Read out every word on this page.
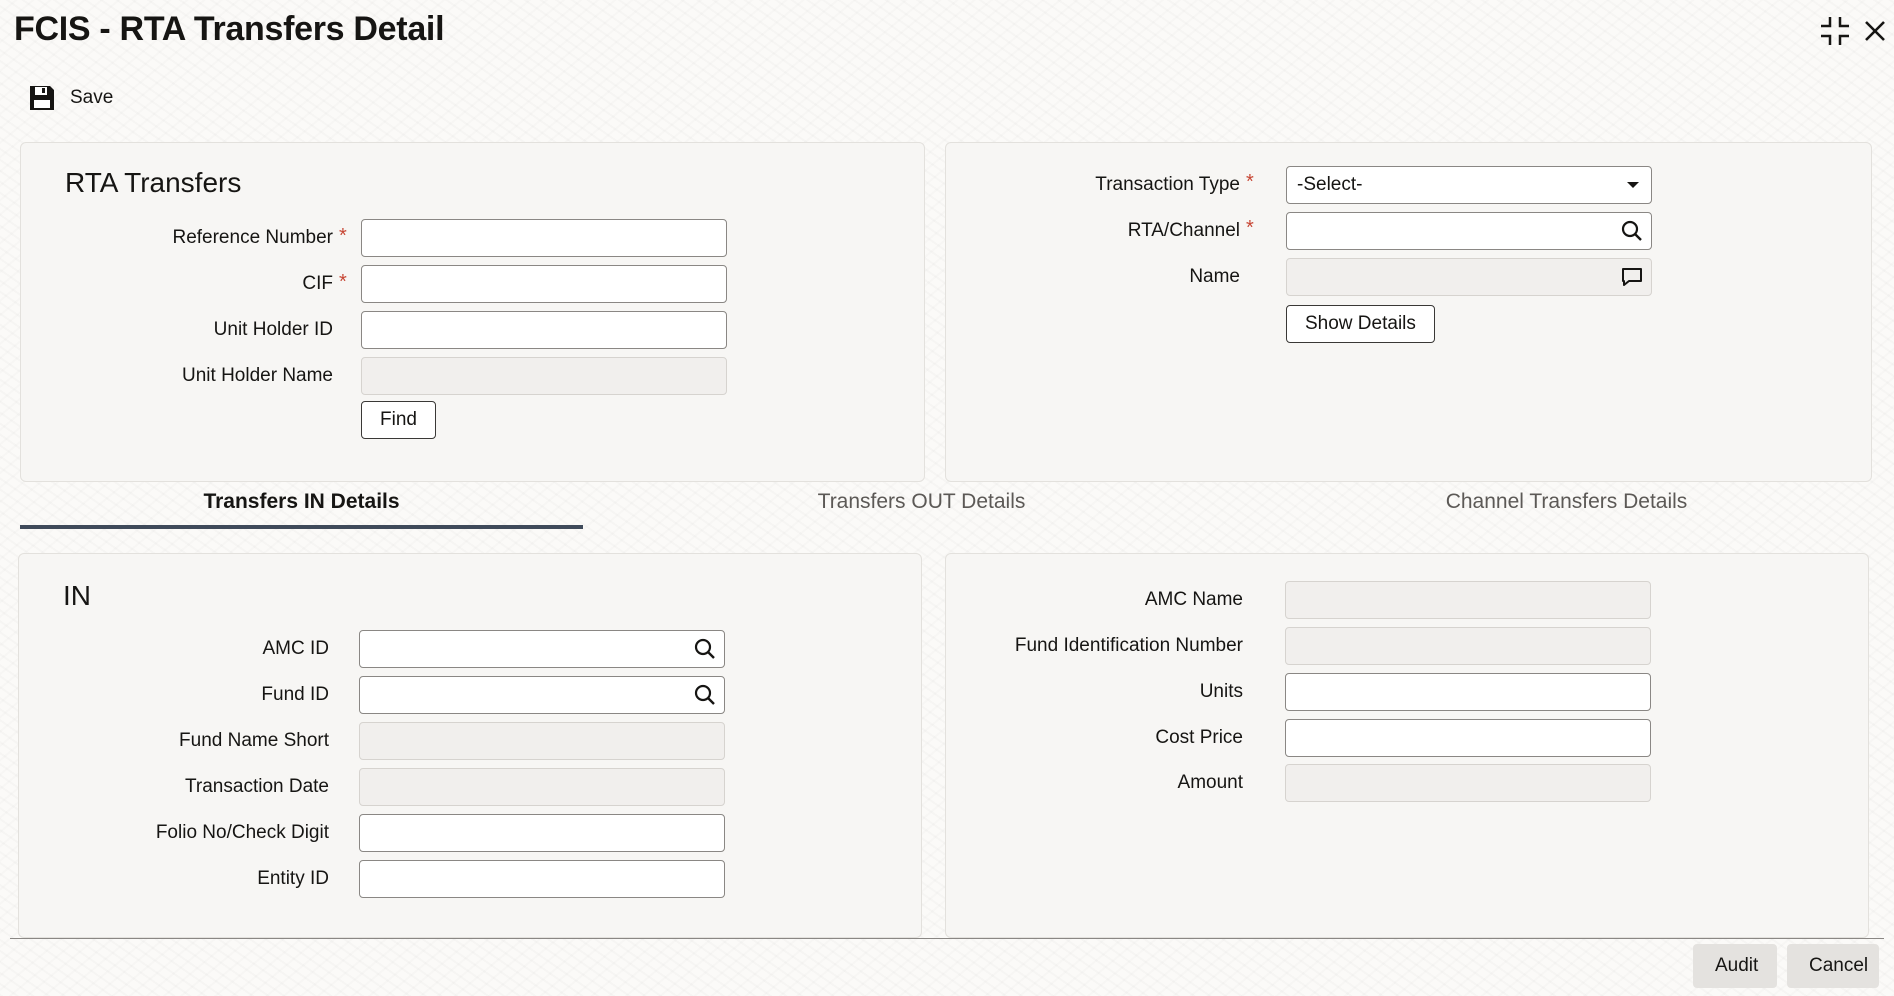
FCIS - RTA Transfers Detail
Save
RTA Transfers
Reference Number *
CIF *
Unit Holder ID
Unit Holder Name
Find
Transaction Type * -Select-
RTA/Channel *
Name
Show Details
Transfers IN Details	Transfers OUT Details	Channel Transfers Details
IN
AMC ID
Fund ID
Fund Name Short
Transaction Date
Folio No/Check Digit
Entity ID
AMC Name
Fund Identification Number
Units
Cost Price
Amount
Audit	Cancel
